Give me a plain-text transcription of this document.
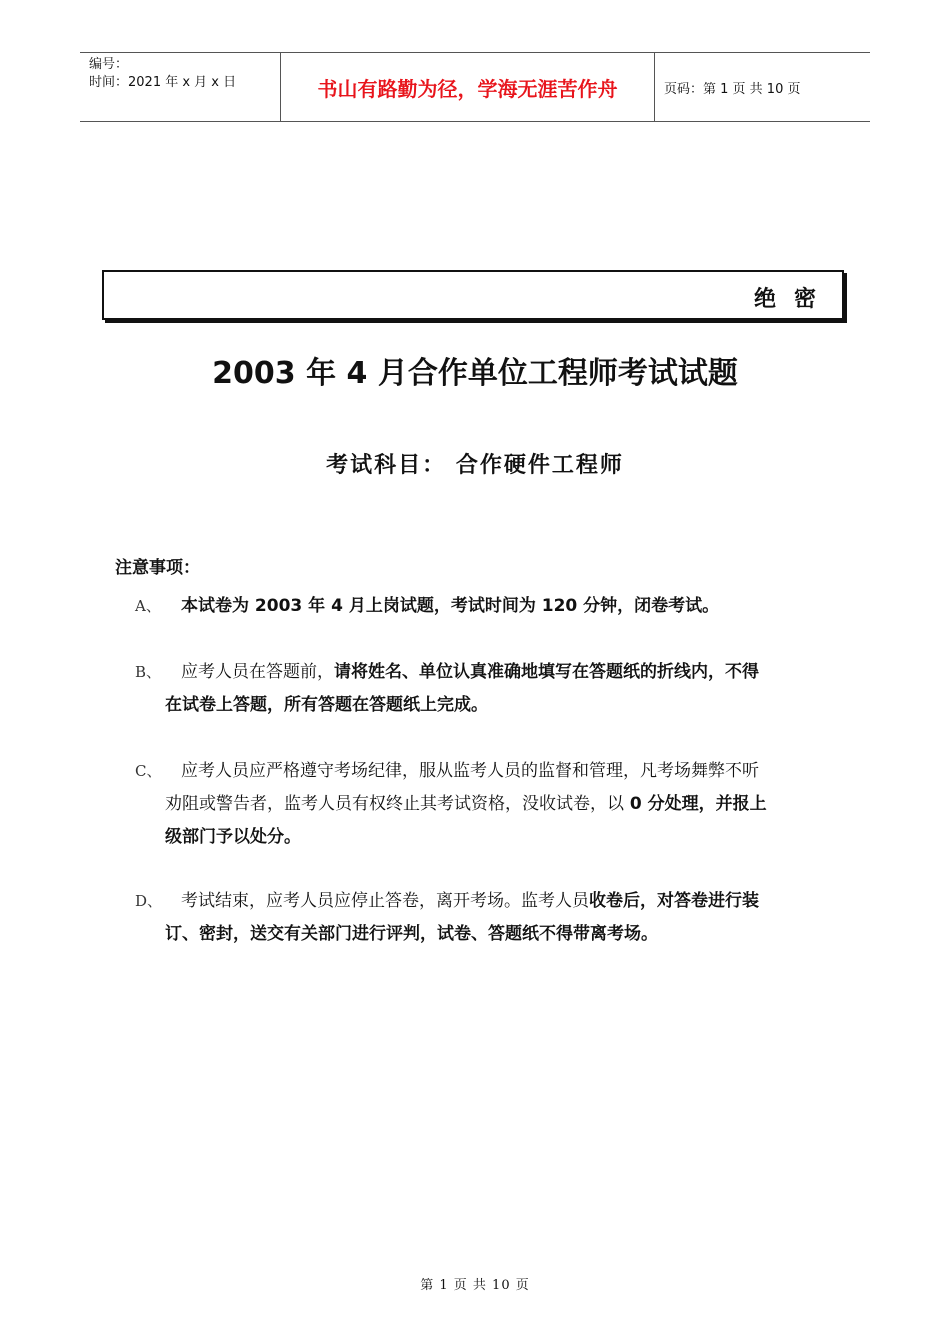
编号：
时间：2021 年 x 月 x 日	书山有路勤为径，学海无涯苦作舟	页码：第 1 页 共 10 页
绝密
2003 年 4 月合作单位工程师考试试题
考试科目： 合作硬件工程师
注意事项：
A、 本试卷为 2003 年 4 月上岗试题，考试时间为 120 分钟，闭卷考试。
B、 应考人员在答题前，请将姓名、单位认真准确地填写在答题纸的折线内，不得
在试卷上答题，所有答题在答题纸上完成。
C、 应考人员应严格遵守考场纪律，服从监考人员的监督和管理，凡考场舞弊不听
劝阻或警告者，监考人员有权终止其考试资格，没收试卷，以 0 分处理，并报上
级部门予以处分。
D、 考试结束，应考人员应停止答卷，离开考场。监考人员收卷后，对答卷进行装
订、密封，送交有关部门进行评判，试卷、答题纸不得带离考场。
第 1 页 共 10 页
